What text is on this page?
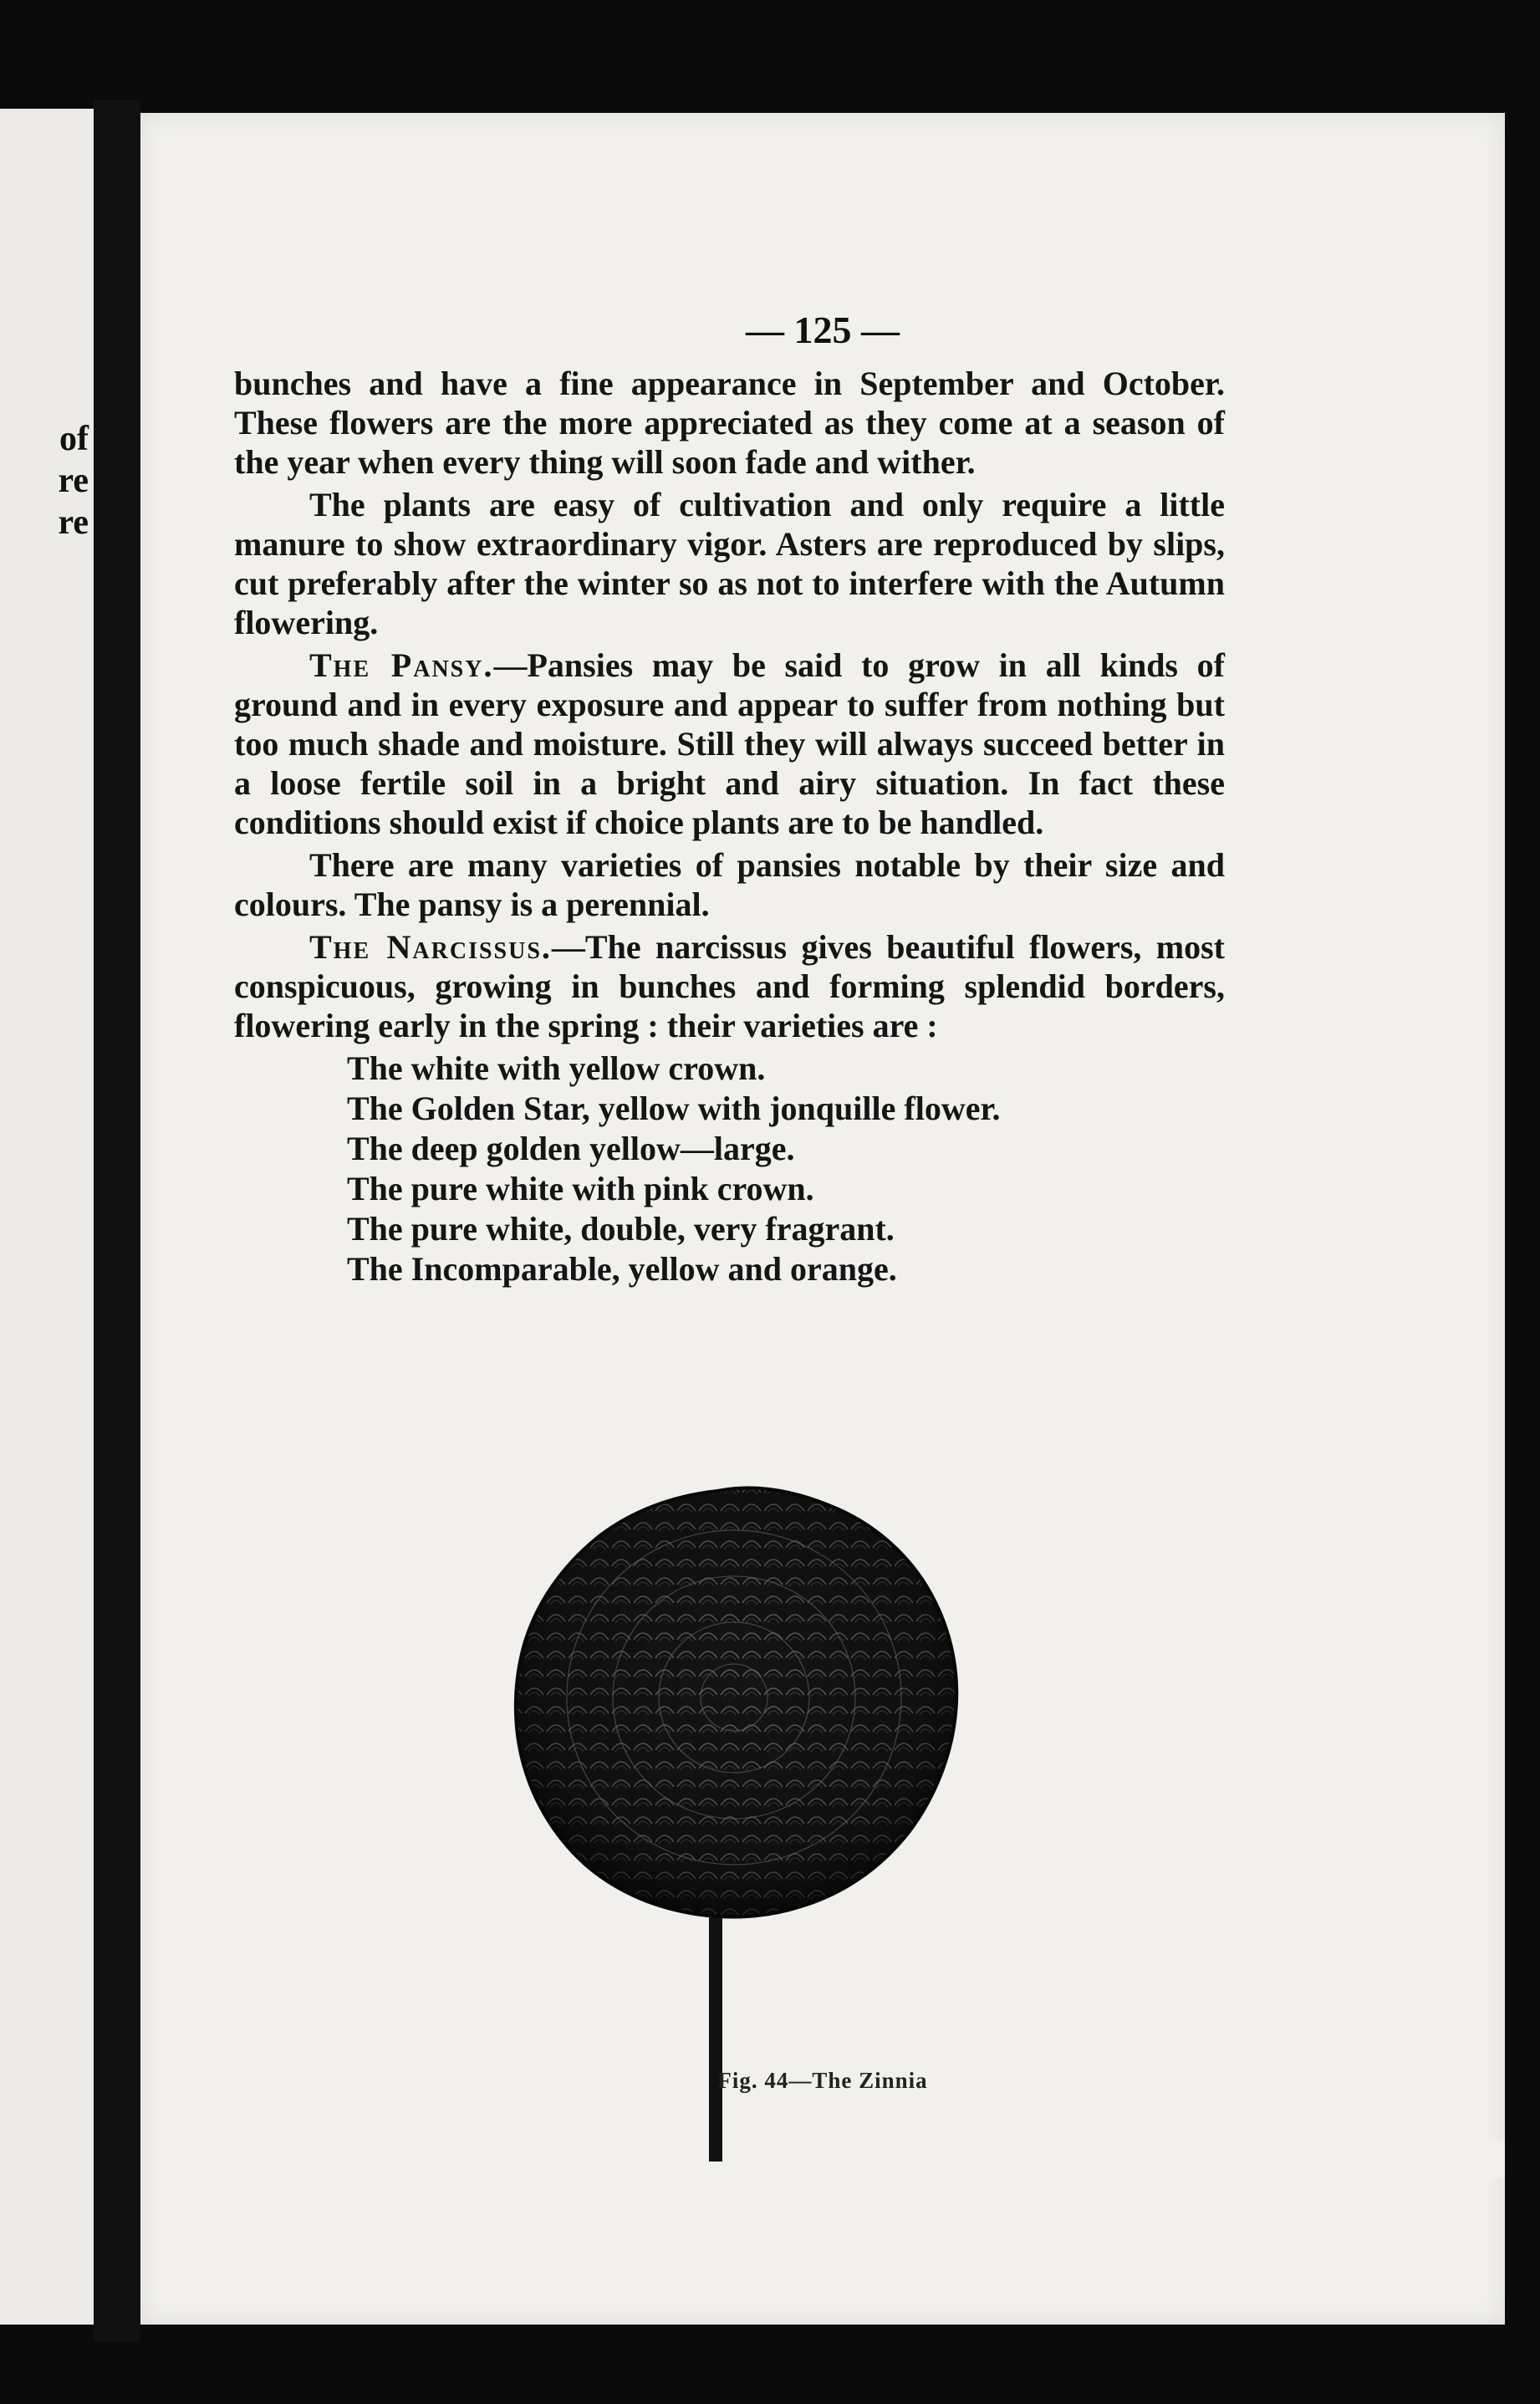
of
re
re
— 125 —

bunches and have a fine appearance in September and October. These flowers are the more appreciated as they come at a season of the year when every thing will soon fade and wither.

The plants are easy of cultivation and only require a little manure to show extraordinary vigor. Asters are reproduced by slips, cut preferably after the winter so as not to interfere with the Autumn flowering.

The Pansy.—Pansies may be said to grow in all kinds of ground and in every exposure and appear to suffer from nothing but too much shade and moisture. Still they will always succeed better in a loose fertile soil in a bright and airy situation. In fact these conditions should exist if choice plants are to be handled.

There are many varieties of pansies notable by their size and colours. The pansy is a perennial.

The Narcissus.—The narcissus gives beautiful flowers, most conspicuous, growing in bunches and forming splendid borders, flowering early in the spring : their varieties are :

The white with yellow crown.
The Golden Star, yellow with jonquille flower.
The deep golden yellow—large.
The pure white with pink crown.
The pure white, double, very fragrant.
The Incomparable, yellow and orange.
Fig. 44—The Zinnia
